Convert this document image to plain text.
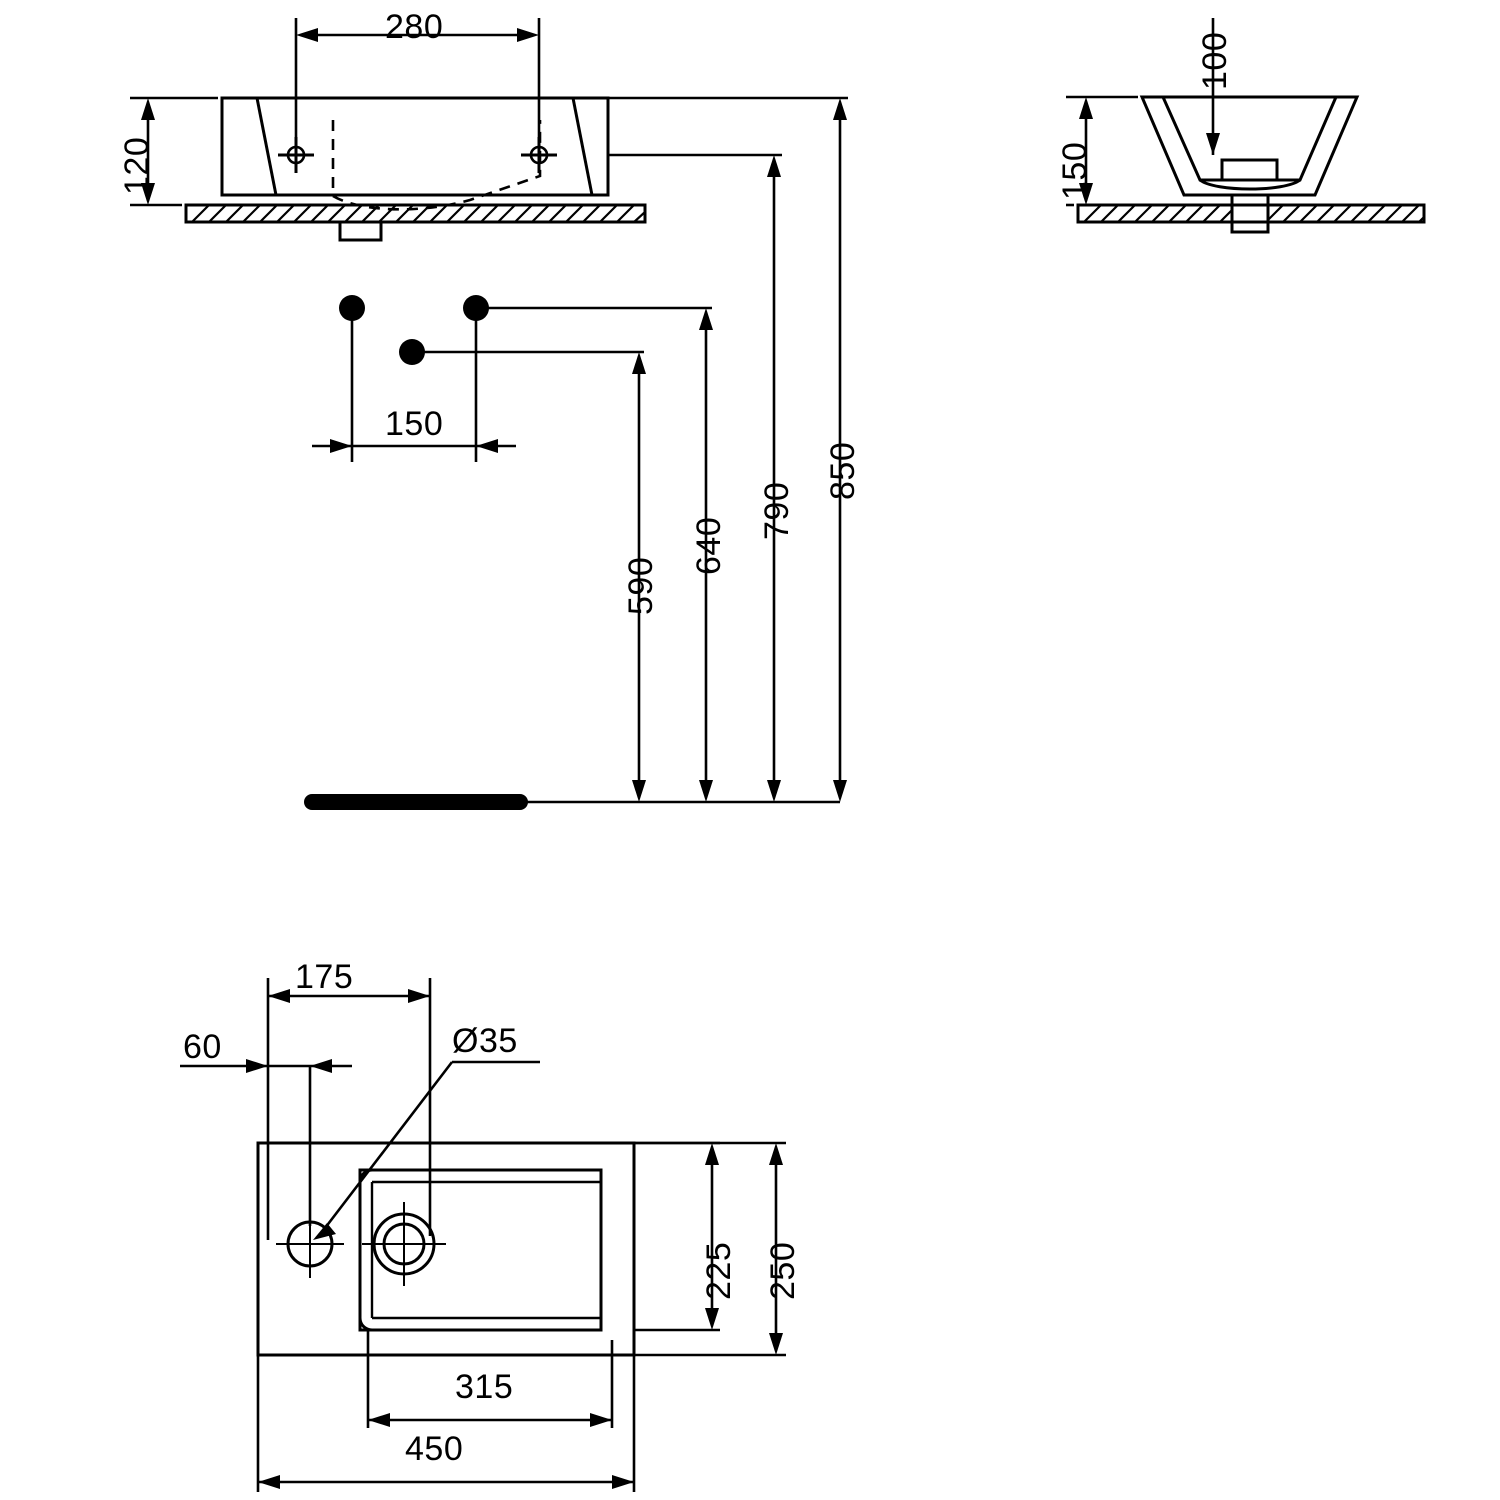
280
120
150
100
150
590
640
790
850
175
60	Ø35
225 250
315
450
